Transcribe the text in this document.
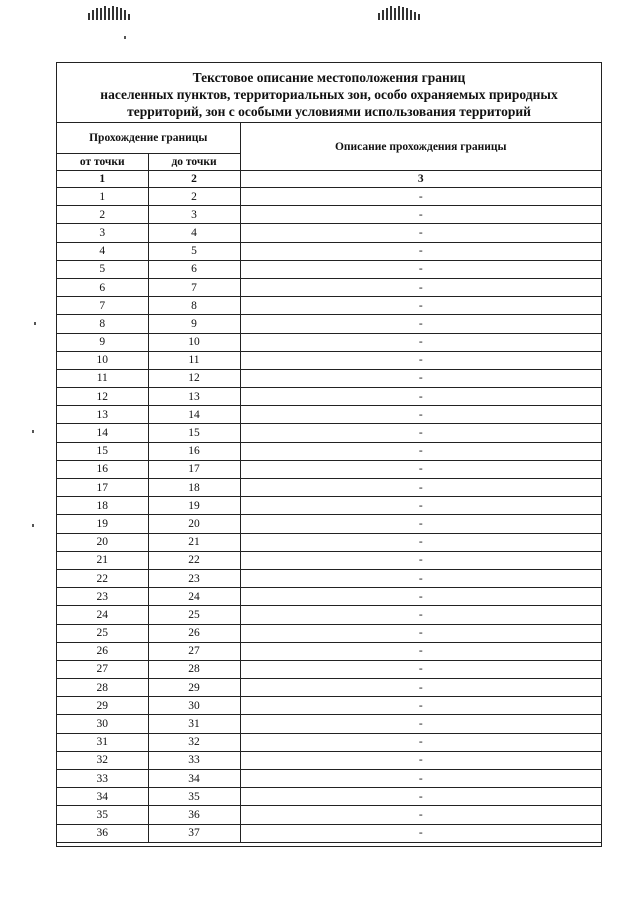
Текстовое описание местоположения границ
населенных пунктов, территориальных зон, особо охраняемых природных
территорий, зон с особыми условиями использования территорий
Прохождение границы		Описание прохождения границы
от точки	до точки	
1	2	3
1	2	-
2	3	-
3	4	-
4	5	-
5	6	-
6	7	-
7	8	-
8	9	-
9	10	-
10	11	-
11	12	-
12	13	-
13	14	-
14	15	-
15	16	-
16	17	-
17	18	-
18	19	-
19	20	-
20	21	-
21	22	-
22	23	-
23	24	-
24	25	-
25	26	-
26	27	-
27	28	-
28	29	-
29	30	-
30	31	-
31	32	-
32	33	-
33	34	-
34	35	-
35	36	-
36	37	-
